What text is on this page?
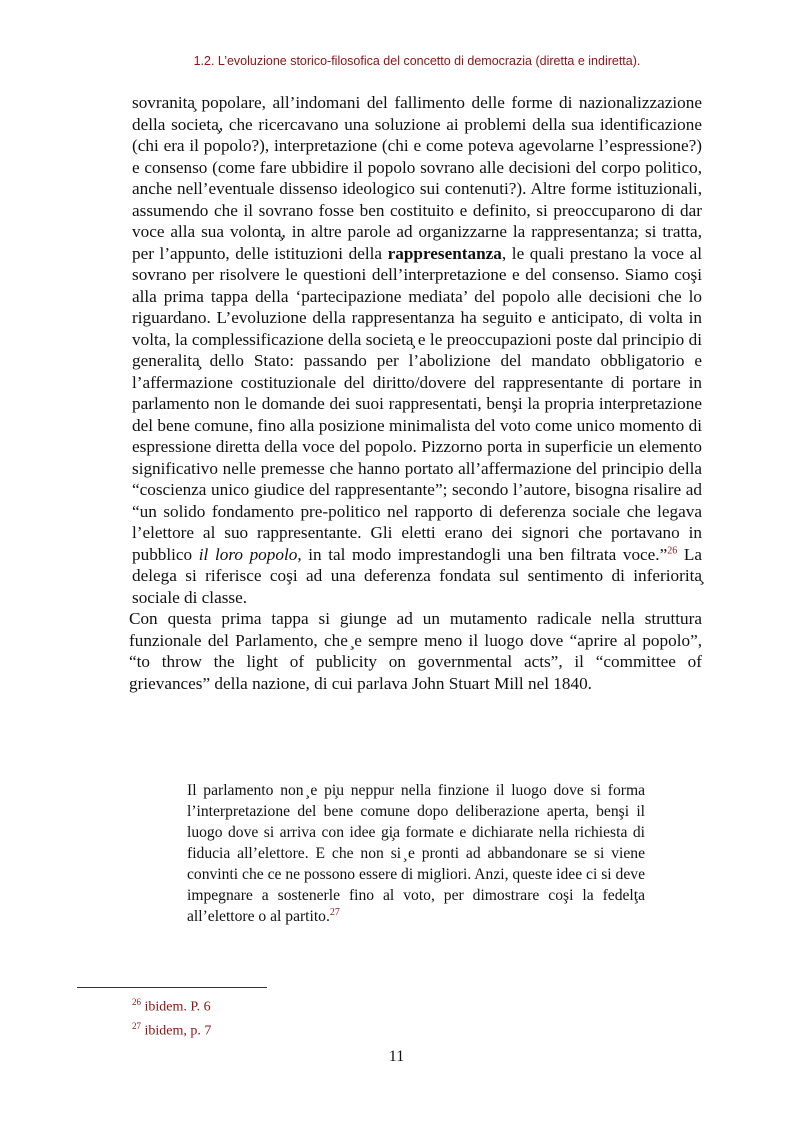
1.2. L’evoluzione storico-filosofica del concetto di democrazia (diretta e indiretta).

sovranita̧ popolare, all’indomani del fallimento delle forme di nazionalizzazione della societa̧, che ricercavano una soluzione ai problemi della sua identificazione (chi era il popolo?), interpretazione (chi e come poteva agevolarne l’espressione?) e consenso (come fare ubbidire il popolo sovrano alle decisioni del corpo politico, anche nell’eventuale dissenso ideologico sui contenuti?). Altre forme istituzionali, assumendo che il sovrano fosse ben costituito e definito, si preoccuparono di dar voce alla sua volonta̧, in altre parole ad organizzarne la rappresentanza; si tratta, per l’appunto, delle istituzioni della rappresentanza, le quali prestano la voce al sovrano per risolvere le questioni dell’interpretazione e del consenso. Siamo coşi alla prima tappa della ‘partecipazione mediata’ del popolo alle decisioni che lo riguardano. L’evoluzione della rappresentanza ha seguito e anticipato, di volta in volta, la complessificazione della societa̧ e le preoccupazioni poste dal principio di generalita̧ dello Stato: passando per l’abolizione del mandato obbligatorio e l’affermazione costituzionale del diritto/dovere del rappresentante di portare in parlamento non le domande dei suoi rappresentati, benşi la propria interpretazione del bene comune, fino alla posizione minimalista del voto come unico momento di espressione diretta della voce del popolo. Pizzorno porta in superficie un elemento significativo nelle premesse che hanno portato all’affermazione del principio della “coscienza unico giudice del rappresentante”; secondo l’autore, bisogna risalire ad “un solido fondamento pre-politico nel rapporto di deferenza sociale che legava l’elettore al suo rappresentante. Gli eletti erano dei signori che portavano in pubblico il loro popolo, in tal modo imprestandogli una ben filtrata voce.”$^{26}$ La delega si riferisce coşi ad una deferenza fondata sul sentimento di inferiorita̧ sociale di classe.

Con questa prima tappa si giunge ad un mutamento radicale nella struttura funzionale del Parlamento, che ̧e sempre meno il luogo dove “aprire al popolo”, “to throw the light of publicity on governmental acts”, il “committee of grievances” della nazione, di cui parlava John Stuart Mill nel 1840.

Il parlamento non ̧e pi̧u neppur nella finzione il luogo dove si forma l’interpretazione del bene comune dopo deliberazione aperta, benşi il luogo dove si arriva con idee gi̧a formate e dichiarate nella richiesta di fiducia all’elettore. E che non si ̧e pronti ad abbandonare se si viene convinti che ce ne possono essere di migliori. Anzi, queste idee ci si deve impegnare a sostenerle fino al voto, per dimostrare coşi la fedelţa all’elettore o al partito.$^{27}$

$^{26}$ ibidem. P. 6
$^{27}$ ibidem, p. 7
11
